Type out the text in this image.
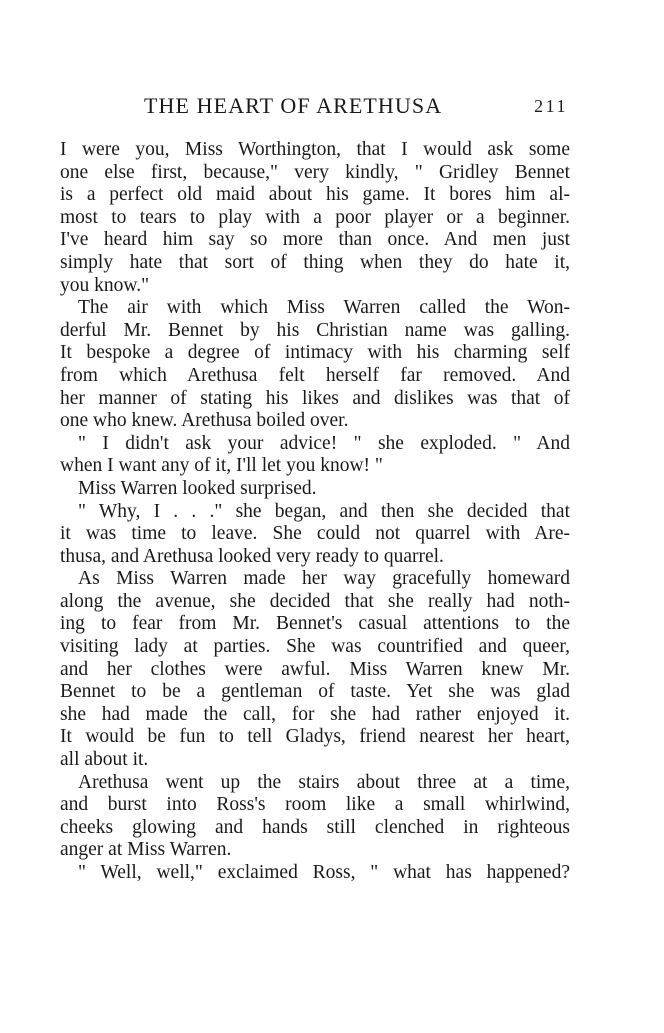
THE HEART OF ARETHUSA	211
I were you, Miss Worthington, that I would ask some
one else first, because," very kindly, " Gridley Bennet
is a perfect old maid about his game. It bores him al-
most to tears to play with a poor player or a beginner.
I've heard him say so more than once. And men just
simply hate that sort of thing when they do hate it,
you know."
The air with which Miss Warren called the Won-
derful Mr. Bennet by his Christian name was galling.
It bespoke a degree of intimacy with his charming self
from which Arethusa felt herself far removed. And
her manner of stating his likes and dislikes was that of
one who knew. Arethusa boiled over.
" I didn't ask your advice! " she exploded. " And
when I want any of it, I'll let you know! "
Miss Warren looked surprised.
" Why, I . . ." she began, and then she decided that
it was time to leave. She could not quarrel with Are-
thusa, and Arethusa looked very ready to quarrel.
As Miss Warren made her way gracefully homeward
along the avenue, she decided that she really had noth-
ing to fear from Mr. Bennet's casual attentions to the
visiting lady at parties. She was countrified and queer,
and her clothes were awful. Miss Warren knew Mr.
Bennet to be a gentleman of taste. Yet she was glad
she had made the call, for she had rather enjoyed it.
It would be fun to tell Gladys, friend nearest her heart,
all about it.
Arethusa went up the stairs about three at a time,
and burst into Ross's room like a small whirlwind,
cheeks glowing and hands still clenched in righteous
anger at Miss Warren.
" Well, well," exclaimed Ross, " what has happened?
